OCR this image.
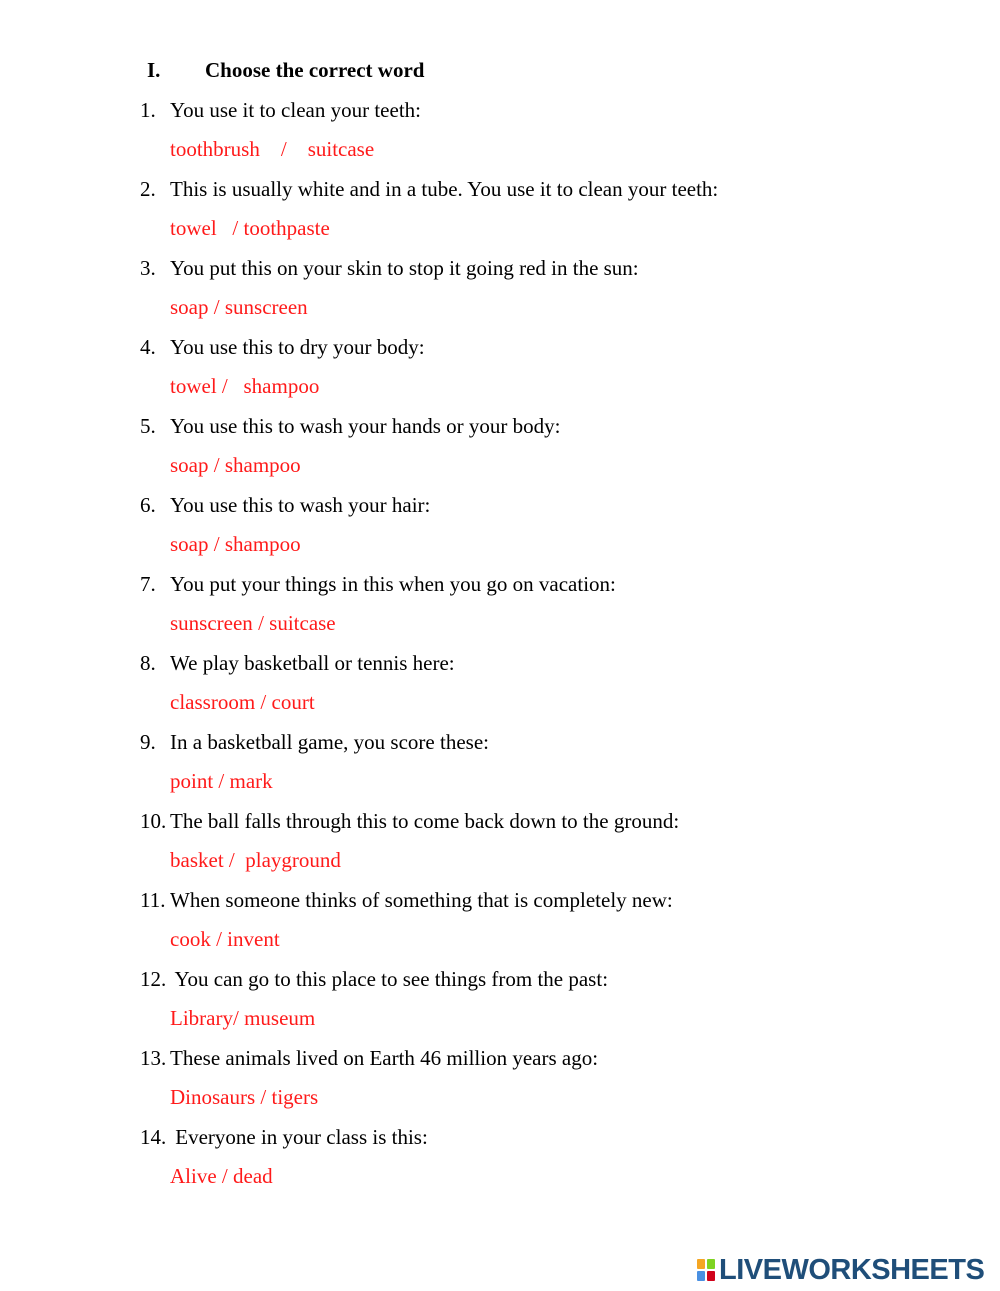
I. Choose the correct word
1. You use it to clean your teeth:
toothbrush    /    suitcase
2. This is usually white and in a tube. You use it to clean your teeth:
towel   / toothpaste
3. You put this on your skin to stop it going red in the sun:
soap / sunscreen
4. You use this to dry your body:
towel /   shampoo
5. You use this to wash your hands or your body:
soap / shampoo
6. You use this to wash your hair:
soap / shampoo
7. You put your things in this when you go on vacation:
sunscreen / suitcase
8. We play basketball or tennis here:
classroom / court
9. In a basketball game, you score these:
point / mark
10. The ball falls through this to come back down to the ground:
basket /  playground
11. When someone thinks of something that is completely new:
cook / invent
12. You can go to this place to see things from the past:
Library/ museum
13. These animals lived on Earth 46 million years ago:
Dinosaurs / tigers
14. Everyone in your class is this:
Alive / dead
LIVEWORKSHEETS
